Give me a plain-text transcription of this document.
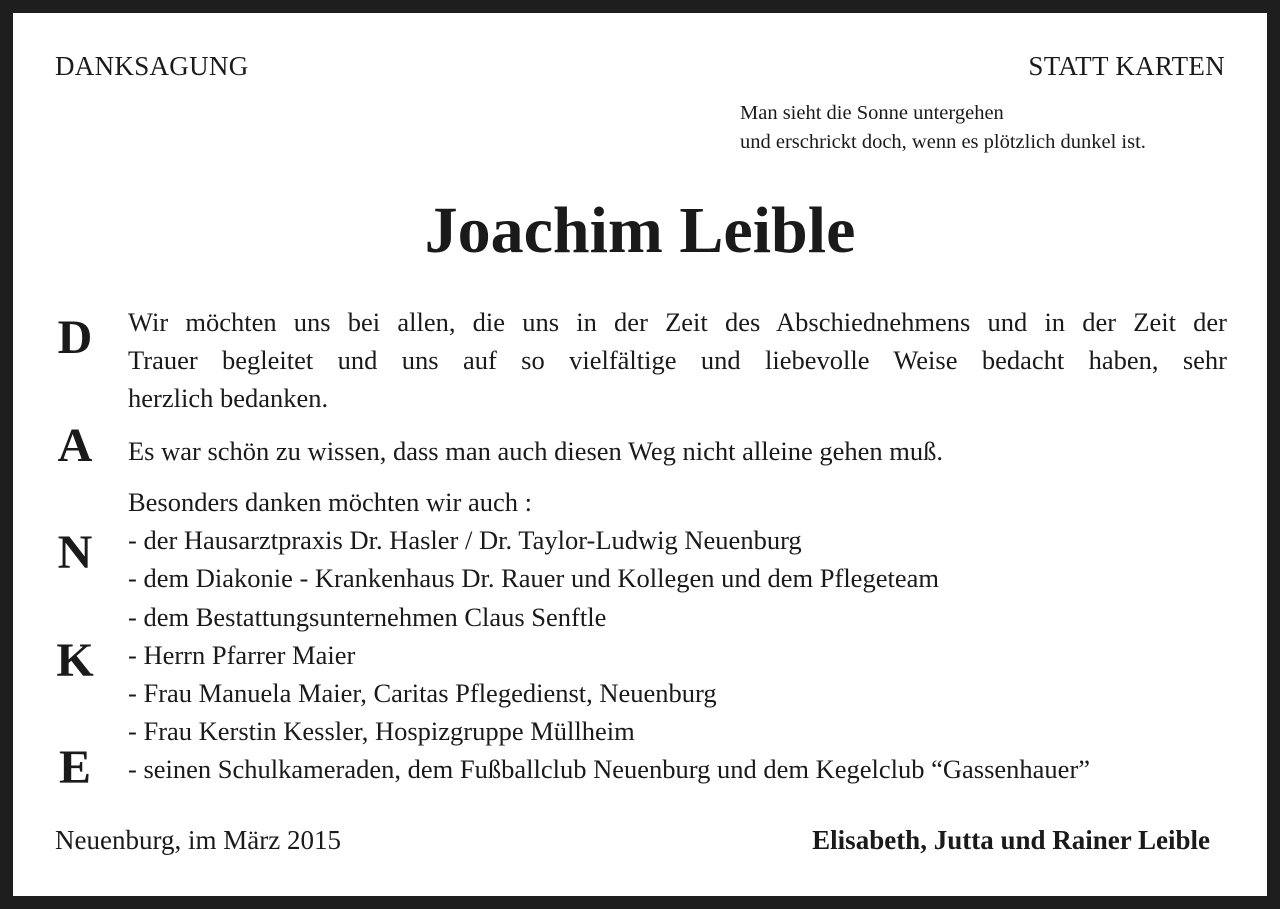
DANKSAGUNG	STATT KARTEN
Man sieht die Sonne untergehen
und erschrickt doch, wenn es plötzlich dunkel ist.
Joachim Leible
D
A
N
K
E
Wir möchten uns bei allen, die uns in der Zeit des Abschiednehmens und in der Zeit der
Trauer begleitet und uns auf so vielfältige und liebevolle Weise bedacht haben, sehr
herzlich bedanken.
Es war schön zu wissen, dass man auch diesen Weg nicht alleine gehen muß.
Besonders danken möchten wir auch :
- der Hausarztpraxis Dr. Hasler / Dr. Taylor-Ludwig Neuenburg
- dem Diakonie - Krankenhaus Dr. Rauer und Kollegen und dem Pflegeteam
- dem Bestattungsunternehmen Claus Senftle
- Herrn Pfarrer Maier
- Frau Manuela Maier, Caritas Pflegedienst, Neuenburg
- Frau Kerstin Kessler, Hospizgruppe Müllheim
- seinen Schulkameraden, dem Fußballclub Neuenburg und dem Kegelclub “Gassenhauer”
Neuenburg, im März 2015	Elisabeth, Jutta und Rainer Leible
